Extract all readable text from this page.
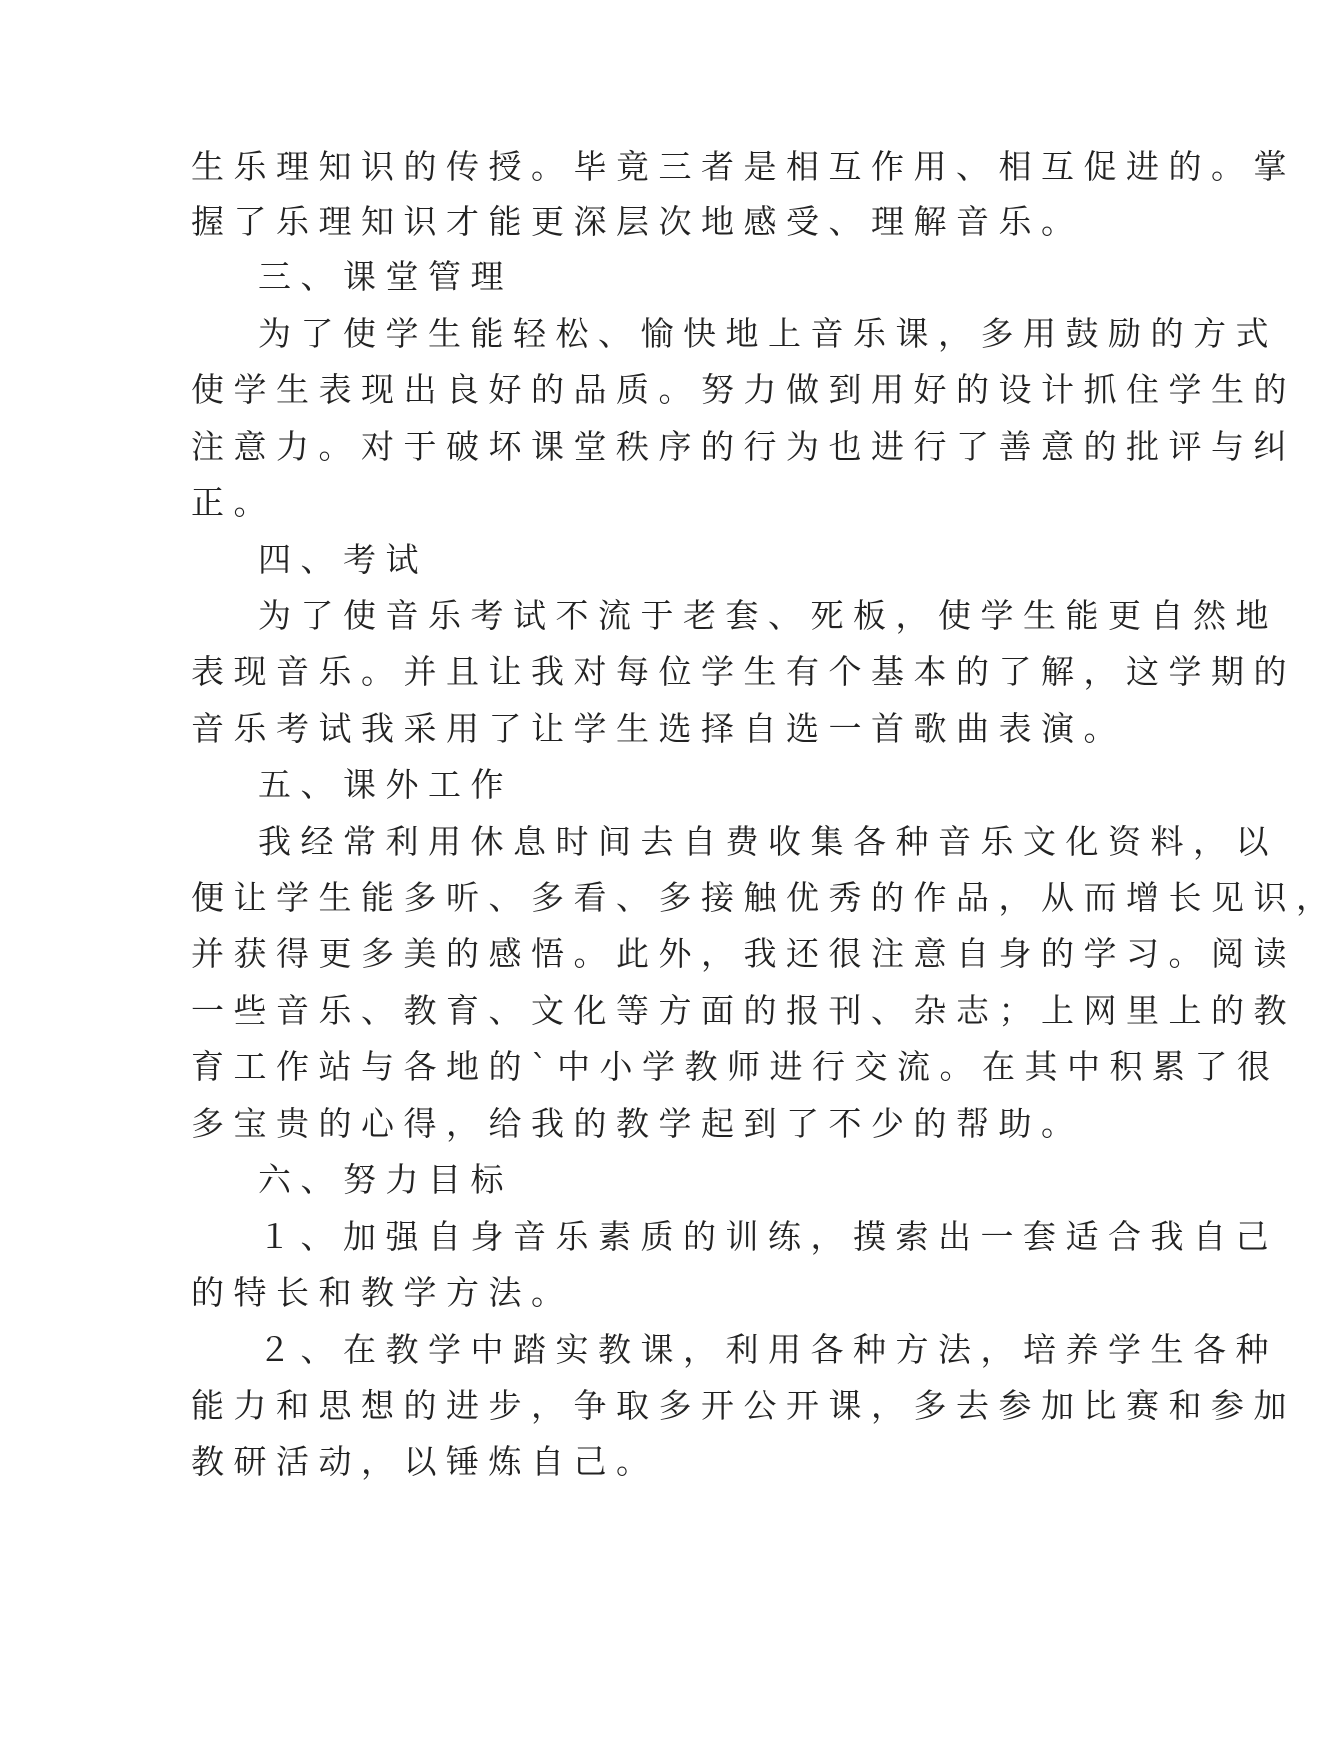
生乐理知识的传授。毕竟三者是相互作用、相互促进的。掌
握了乐理知识才能更深层次地感受、理解音乐。
三、课堂管理
为了使学生能轻松、愉快地上音乐课，多用鼓励的方式
使学生表现出良好的品质。努力做到用好的设计抓住学生的
注意力。对于破坏课堂秩序的行为也进行了善意的批评与纠
正。
四、考试
为了使音乐考试不流于老套、死板，使学生能更自然地
表现音乐。并且让我对每位学生有个基本的了解，这学期的
音乐考试我采用了让学生选择自选一首歌曲表演。
五、课外工作
我经常利用休息时间去自费收集各种音乐文化资料，以
便让学生能多听、多看、多接触优秀的作品，从而增长见识，
并获得更多美的感悟。此外，我还很注意自身的学习。阅读
一些音乐、教育、文化等方面的报刊、杂志；上网里上的教
育工作站与各地的`中小学教师进行交流。在其中积累了很
多宝贵的心得，给我的教学起到了不少的帮助。
六、努力目标
１、加强自身音乐素质的训练，摸索出一套适合我自己
的特长和教学方法。
２、在教学中踏实教课，利用各种方法，培养学生各种
能力和思想的进步，争取多开公开课，多去参加比赛和参加
教研活动，以锤炼自己。
